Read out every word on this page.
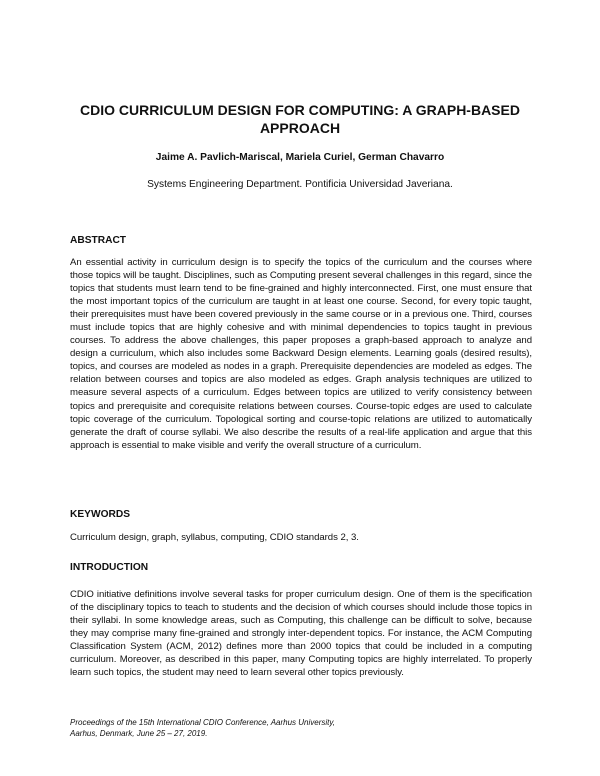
CDIO CURRICULUM DESIGN FOR COMPUTING: A GRAPH-BASED
APPROACH

Jaime A. Pavlich-Mariscal, Mariela Curiel, German Chavarro

Systems Engineering Department. Pontificia Universidad Javeriana.

ABSTRACT

An essential activity in curriculum design is to specify the topics of the curriculum and the courses where those topics will be taught. Disciplines, such as Computing present several challenges in this regard, since the topics that students must learn tend to be fine-grained and highly interconnected. First, one must ensure that the most important topics of the curriculum are taught in at least one course. Second, for every topic taught, their prerequisites must have been covered previously in the same course or in a previous one. Third, courses must include topics that are highly cohesive and with minimal dependencies to topics taught in previous courses. To address the above challenges, this paper proposes a graph-based approach to analyze and design a curriculum, which also includes some Backward Design elements. Learning goals (desired results), topics, and courses are modeled as nodes in a graph. Prerequisite dependencies are modeled as edges. The relation between courses and topics are also modeled as edges. Graph analysis techniques are utilized to measure several aspects of a curriculum. Edges between topics are utilized to verify consistency between topics and prerequisite and corequisite relations between courses. Course-topic edges are used to calculate topic coverage of the curriculum. Topological sorting and course-topic relations are utilized to automatically generate the draft of course syllabi. We also describe the results of a real-life application and argue that this approach is essential to make visible and verify the overall structure of a curriculum.

KEYWORDS

Curriculum design, graph, syllabus, computing, CDIO standards 2, 3.

INTRODUCTION

CDIO initiative definitions involve several tasks for proper curriculum design. One of them is the specification of the disciplinary topics to teach to students and the decision of which courses should include those topics in their syllabi. In some knowledge areas, such as Computing, this challenge can be difficult to solve, because they may comprise many fine-grained and strongly inter-dependent topics. For instance, the ACM Computing Classification System (ACM, 2012) defines more than 2000 topics that could be included in a computing curriculum. Moreover, as described in this paper, many Computing topics are highly interrelated. To properly learn such topics, the student may need to learn several other topics previously.

Proceedings of the 15th International CDIO Conference, Aarhus University,
Aarhus, Denmark, June 25 – 27, 2019.
